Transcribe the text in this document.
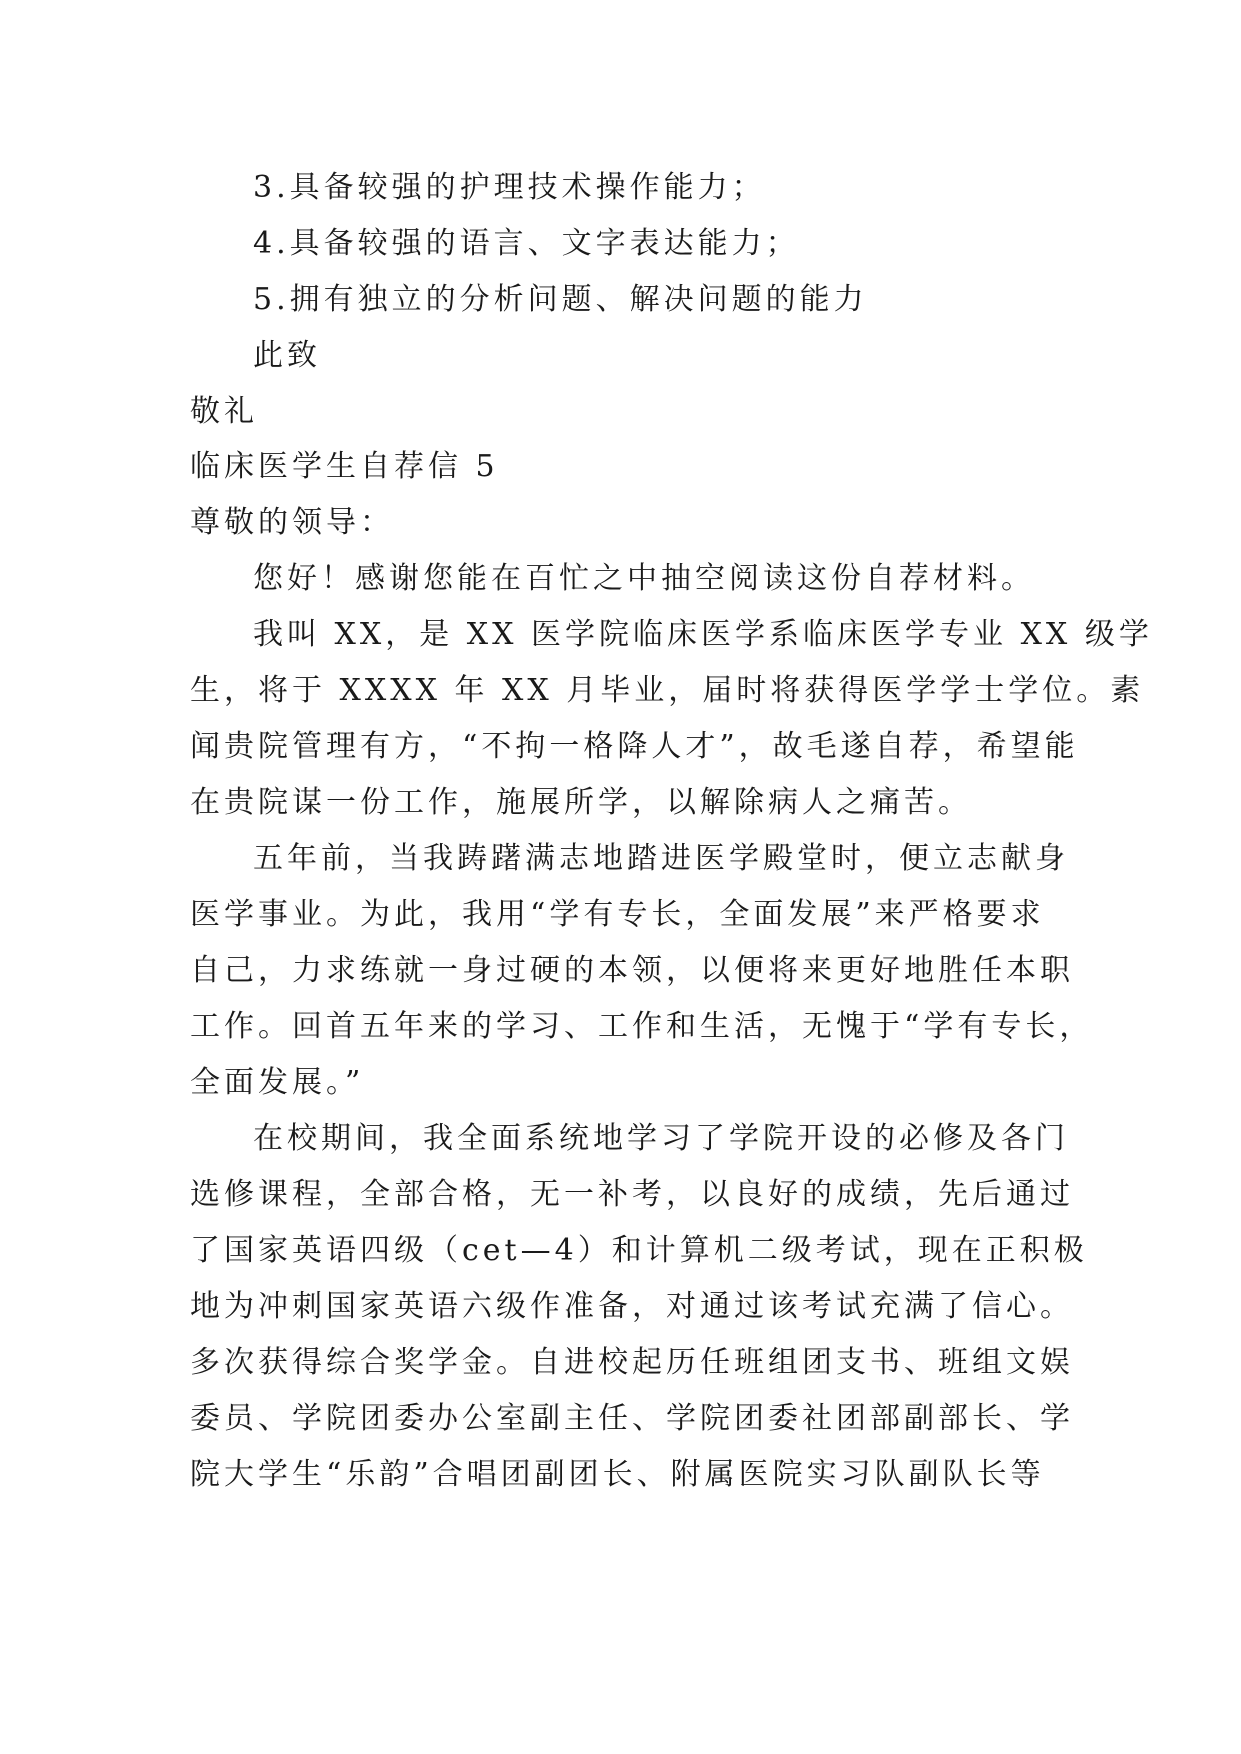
3.具备较强的护理技术操作能力；
4.具备较强的语言、文字表达能力；
5.拥有独立的分析问题、解决问题的能力
此致
敬礼
临床医学生自荐信 5
尊敬的领导：
您好！感谢您能在百忙之中抽空阅读这份自荐材料。
我叫 XX，是 XX 医学院临床医学系临床医学专业 XX 级学
生，将于 XXXX 年 XX 月毕业，届时将获得医学学士学位。素
闻贵院管理有方，“不拘一格降人才”，故毛遂自荐，希望能
在贵院谋一份工作，施展所学，以解除病人之痛苦。
五年前，当我踌躇满志地踏进医学殿堂时，便立志献身
医学事业。为此，我用“学有专长，全面发展”来严格要求
自己，力求练就一身过硬的本领，以便将来更好地胜任本职
工作。回首五年来的学习、工作和生活，无愧于“学有专长，
全面发展。”
在校期间，我全面系统地学习了学院开设的必修及各门
选修课程，全部合格，无一补考，以良好的成绩，先后通过
了国家英语四级（cet—4）和计算机二级考试，现在正积极
地为冲刺国家英语六级作准备，对通过该考试充满了信心。
多次获得综合奖学金。自进校起历任班组团支书、班组文娱
委员、学院团委办公室副主任、学院团委社团部副部长、学
院大学生“乐韵”合唱团副团长、附属医院实习队副队长等
